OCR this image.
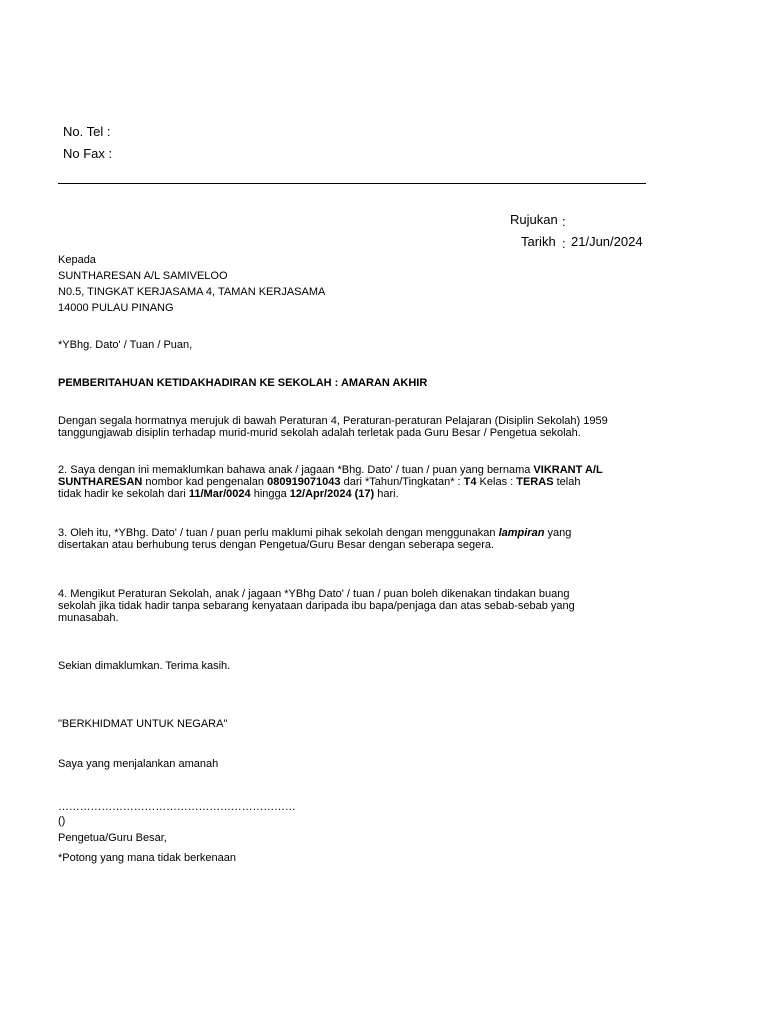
No. Tel :
No Fax :
Rujukan :
Tarikh : 21/Jun/2024
Kepada
SUNTHARESAN A/L SAMIVELOO
N0.5, TINGKAT KERJASAMA 4, TAMAN KERJASAMA
14000 PULAU PINANG
*YBhg. Dato' / Tuan / Puan,
PEMBERITAHUAN KETIDAKHADIRAN KE SEKOLAH : AMARAN AKHIR
Dengan segala hormatnya merujuk di bawah Peraturan 4, Peraturan-peraturan Pelajaran (Disiplin Sekolah) 1959
tanggungjawab disiplin terhadap murid-murid sekolah adalah terletak pada Guru Besar / Pengetua sekolah.
2. Saya dengan ini memaklumkan bahawa anak / jagaan *Bhg. Dato' / tuan / puan yang bernama VIKRANT A/L
SUNTHARESAN nombor kad pengenalan 080919071043 dari *Tahun/Tingkatan* : T4 Kelas : TERAS telah
tidak hadir ke sekolah dari 11/Mar/0024 hingga 12/Apr/2024 (17) hari.
3. Oleh itu, *YBhg. Dato' / tuan / puan perlu maklumi pihak sekolah dengan menggunakan lampiran yang
disertakan atau berhubung terus dengan Pengetua/Guru Besar dengan seberapa segera.
4. Mengikut Peraturan Sekolah, anak / jagaan *YBhg Dato' / tuan / puan boleh dikenakan tindakan buang
sekolah jika tidak hadir tanpa sebarang kenyataan daripada ibu bapa/penjaga dan atas sebab-sebab yang
munasabah.
Sekian dimaklumkan. Terima kasih.
"BERKHIDMAT UNTUK NEGARA"
Saya yang menjalankan amanah
…………………………………………………………
()
Pengetua/Guru Besar,
*Potong yang mana tidak berkenaan
